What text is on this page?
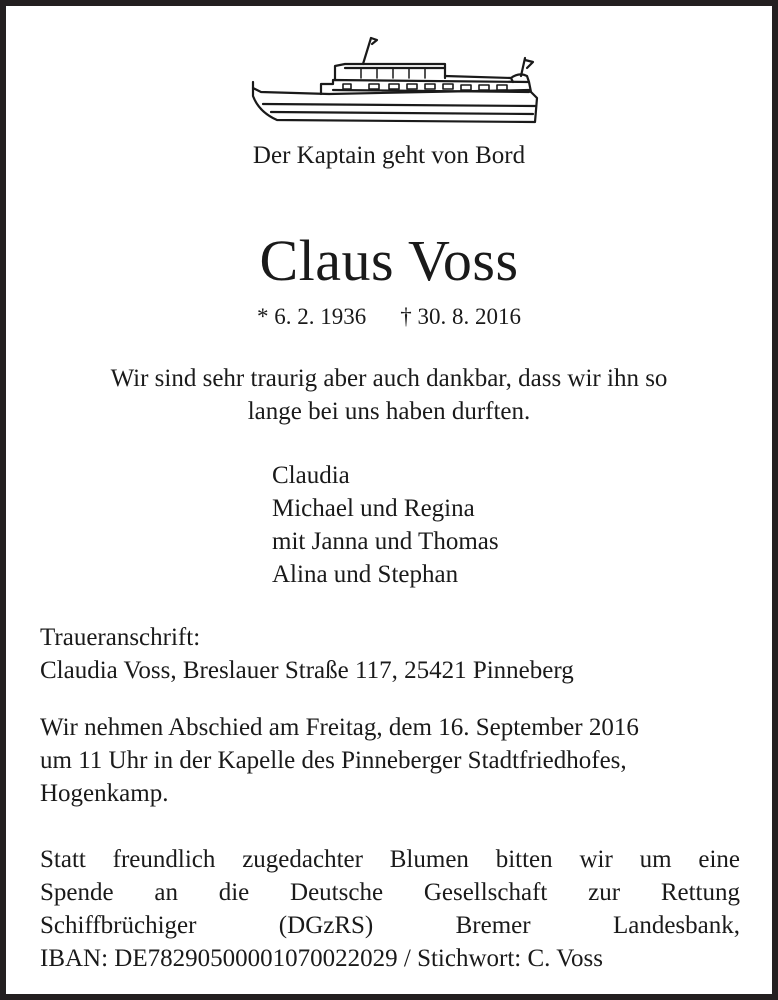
Der Kaptain geht von Bord
Claus Voss
* 6. 2. 1936 † 30. 8. 2016
Wir sind sehr traurig aber auch dankbar, dass wir ihn so
lange bei uns haben durften.
Claudia
Michael und Regina
mit Janna und Thomas
Alina und Stephan
Traueranschrift:
Claudia Voss, Breslauer Straße 117, 25421 Pinneberg
Wir nehmen Abschied am Freitag, dem 16. September 2016
um 11 Uhr in der Kapelle des Pinneberger Stadtfriedhofes,
Hogenkamp.
Statt freundlich zugedachter Blumen bitten wir um eine
Spende an die Deutsche Gesellschaft zur Rettung
Schiffbrüchiger (DGzRS) Bremer Landesbank,
IBAN: DE78290500001070022029 / Stichwort: C. Voss
